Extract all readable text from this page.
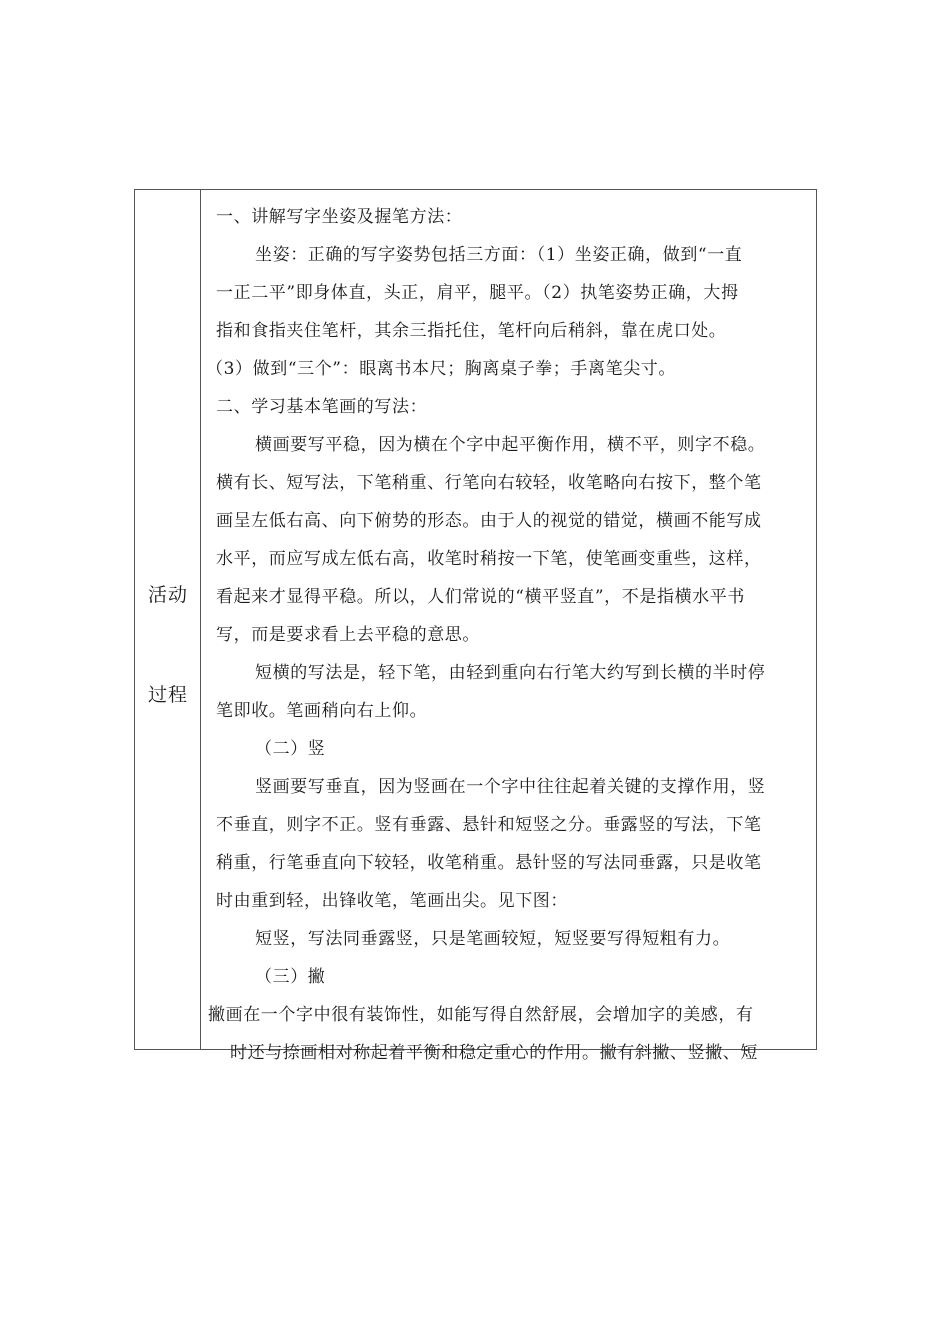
活动
过程
一、讲解写字坐姿及握笔方法：
坐姿：正确的写字姿势包括三方面：（1）坐姿正确，做到“一直
一正二平”即身体直，头正，肩平，腿平。（2）执笔姿势正确，大拇
指和食指夹住笔杆，其余三指托住，笔杆向后稍斜，靠在虎口处。
（3）做到“三个”：眼离书本尺；胸离桌子拳；手离笔尖寸。
二、学习基本笔画的写法：
横画要写平稳，因为横在个字中起平衡作用，横不平，则字不稳。
横有长、短写法，下笔稍重、行笔向右较轻，收笔略向右按下，整个笔
画呈左低右高、向下俯势的形态。由于人的视觉的错觉，横画不能写成
水平，而应写成左低右高，收笔时稍按一下笔，使笔画变重些，这样，
看起来才显得平稳。所以，人们常说的“横平竖直”，不是指横水平书
写，而是要求看上去平稳的意思。
短横的写法是，轻下笔，由轻到重向右行笔大约写到长横的半时停
笔即收。笔画稍向右上仰。
（二）竖
竖画要写垂直，因为竖画在一个字中往往起着关键的支撑作用，竖
不垂直，则字不正。竖有垂露、悬针和短竖之分。垂露竖的写法，下笔
稍重，行笔垂直向下较轻，收笔稍重。悬针竖的写法同垂露，只是收笔
时由重到轻，出锋收笔，笔画出尖。见下图：
短竖，写法同垂露竖，只是笔画较短，短竖要写得短粗有力。
（三）撇
撇画在一个字中很有装饰性，如能写得自然舒展，会增加字的美感，有
时还与捺画相对称起着平衡和稳定重心的作用。撇有斜撇、竖撇、短
